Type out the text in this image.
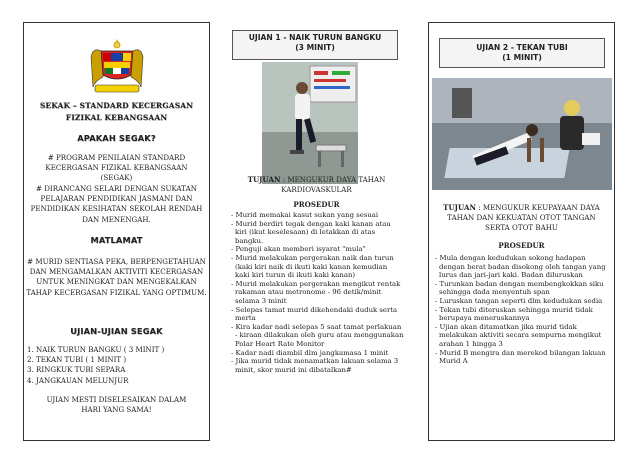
SEKAK – STANDARD KECERGASAN FIZIKAL KEBANGSAAN
APAKAH SEGAK?
# PROGRAM PENILAIAN STANDARD KECERGASAN FIZIKAL KEBANGSAAN (SEGAK)
# DIRANCANG SELARI DENGAN SUKATAN PELAJARAN PENDIDIKAN JASMANI DAN PENDIDIKAN KESIHATAN SEKOLAH RENDAH DAN MENENGAH.
MATLAMAT
# MURID SENTIASA PEKA, BERPENGETAHUAN DAN MENGAMALKAN AKTIVITI KECERGASAN UNTUK MENINGKAT DAN MENGEKALKAN TAHAP KECERGASAN FIZIKAL YANG OPTIMUM.
UJIAN-UJIAN SEGAK
1. NAIK TURUN BANGKU ( 3 MINIT )
2. TEKAN TUBI ( 1 MINIT )
3. RINGKUK TUBI SEPARA
4. JANGKAUAN MELUNJUR
UJIAN MESTI DISELESAIKAN DALAM HARI YANG SAMA!
UJIAN 1 - NAIK TURUN BANGKU
(3 MINIT)
TUJUAN : MENGUKUR DAYA TAHAN KARDIOVASKULAR
PROSEDUR
- Murid memakai kasut sukan yang sesuai
- Murid berdiri tegak dengan kaki kanan atau kiri (ikut keselesaan) di letakkan di atas bangku.
- Penguji akan memberi isyarat "mula"
- Murid melakukan pergerakan naik dan turun (kaki kiri naik di ikuti kaki kanan kemudian kaki kiri turun di ikuti kaki kanan)
- Murid melakukan pergerakan mengikut rentak rakaman atau metronome - 96 detik/minit selama 3 minit
- Selepas tamat murid dikehendaki duduk serta merta
- Kira kadar nadi selepas 5 saat tamat perlakuan - kiraan dilakukan oleh guru atau menggunakan Polar Heart Rate Monitor
- Kadar nadi diambil dlm jangkamasa 1 minit
- Jika murid tidak menamatkan lakuan selama 3 minit, skor murid ini dibatalkan#
UJIAN 2 - TEKAN TUBI
(1 MINIT)
TUJUAN : MENGUKUR KEUPAYAAN DAYA TAHAN DAN KEKUATAN OTOT TANGAN SERTA OTOT BAHU
PROSEDUR
- Mula dengan kedudukan sokong hadapan dengan berat badan disokong oleh tangan yang lurus dan jari-jari kaki. Badan diluruskan
- Turunkan badan dengan membengkokkan siku sehingga dada menyentuh span
- Luruskan tangan seperti dlm kedudukan sedia
- Tekan tubi diteruskan sehingga murid tidak berupaya meneruskannya
- Ujian akan ditamatkan jika murid tidak melakukan aktiviti secara sempurna mengikut arahan 1 hingga 3
- Murid B mengira dan merekod bilangan lakuan Murid A
